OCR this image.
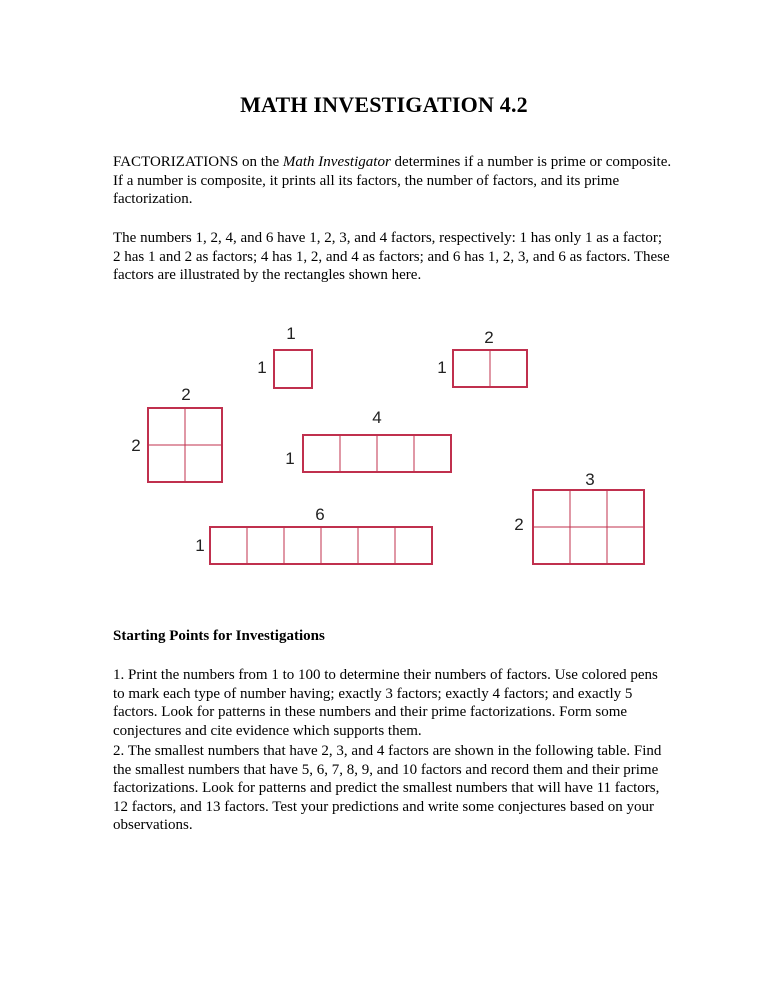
MATH INVESTIGATION 4.2

FACTORIZATIONS on the Math Investigator determines if a number is prime or composite. If a number is composite, it prints all its factors, the number of factors, and its prime factorization.

The numbers 1, 2, 4, and 6 have 1, 2, 3, and 4 factors, respectively: 1 has only 1 as a factor; 2 has 1 and 2 as factors; 4 has 1, 2, and 4 as factors; and 6 has 1, 2, 3, and 6 as factors. These factors are illustrated by the rectangles shown here.

1
1
2
1
2
2
4
1
3
2
6
1

Starting Points for Investigations

1. Print the numbers from 1 to 100 to determine their numbers of factors. Use colored pens to mark each type of number having; exactly 3 factors; exactly 4 factors; and exactly 5 factors. Look for patterns in these numbers and their prime factorizations. Form some conjectures and cite evidence which supports them.

2. The smallest numbers that have 2, 3, and 4 factors are shown in the following table. Find the smallest numbers that have 5, 6, 7, 8, 9, and 10 factors and record them and their prime factorizations. Look for patterns and predict the smallest numbers that will have 11 factors, 12 factors, and 13 factors. Test your predictions and write some conjectures based on your observations.
